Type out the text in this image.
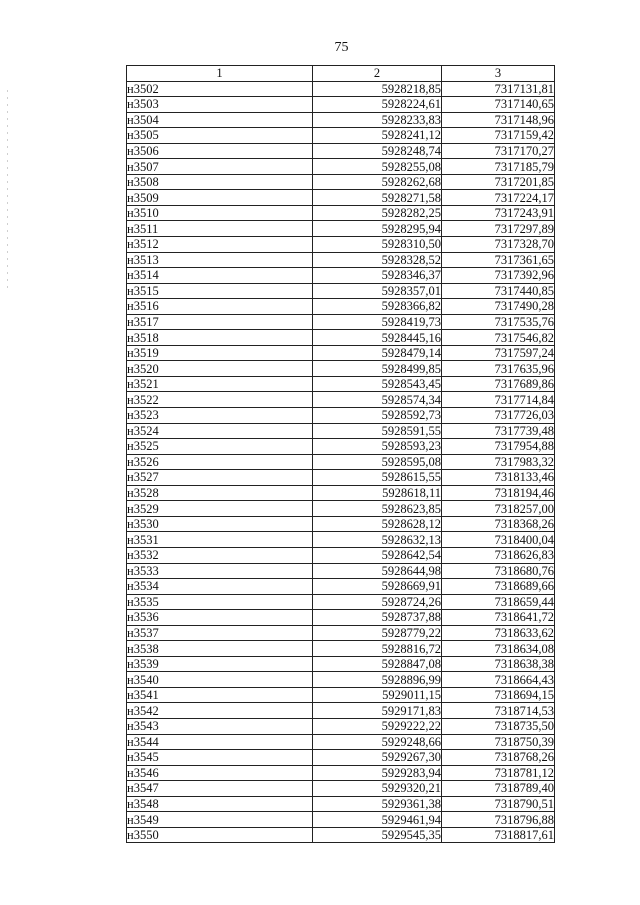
75
1	2	3
н3502	5928218,85	7317131,81
н3503	5928224,61	7317140,65
н3504	5928233,83	7317148,96
н3505	5928241,12	7317159,42
н3506	5928248,74	7317170,27
н3507	5928255,08	7317185,79
н3508	5928262,68	7317201,85
н3509	5928271,58	7317224,17
н3510	5928282,25	7317243,91
н3511	5928295,94	7317297,89
н3512	5928310,50	7317328,70
н3513	5928328,52	7317361,65
н3514	5928346,37	7317392,96
н3515	5928357,01	7317440,85
н3516	5928366,82	7317490,28
н3517	5928419,73	7317535,76
н3518	5928445,16	7317546,82
н3519	5928479,14	7317597,24
н3520	5928499,85	7317635,96
н3521	5928543,45	7317689,86
н3522	5928574,34	7317714,84
н3523	5928592,73	7317726,03
н3524	5928591,55	7317739,48
н3525	5928593,23	7317954,88
н3526	5928595,08	7317983,32
н3527	5928615,55	7318133,46
н3528	5928618,11	7318194,46
н3529	5928623,85	7318257,00
н3530	5928628,12	7318368,26
н3531	5928632,13	7318400,04
н3532	5928642,54	7318626,83
н3533	5928644,98	7318680,76
н3534	5928669,91	7318689,66
н3535	5928724,26	7318659,44
н3536	5928737,88	7318641,72
н3537	5928779,22	7318633,62
н3538	5928816,72	7318634,08
н3539	5928847,08	7318638,38
н3540	5928896,99	7318664,43
н3541	5929011,15	7318694,15
н3542	5929171,83	7318714,53
н3543	5929222,22	7318735,50
н3544	5929248,66	7318750,39
н3545	5929267,30	7318768,26
н3546	5929283,94	7318781,12
н3547	5929320,21	7318789,40
н3548	5929361,38	7318790,51
н3549	5929461,94	7318796,88
н3550	5929545,35	7318817,61
